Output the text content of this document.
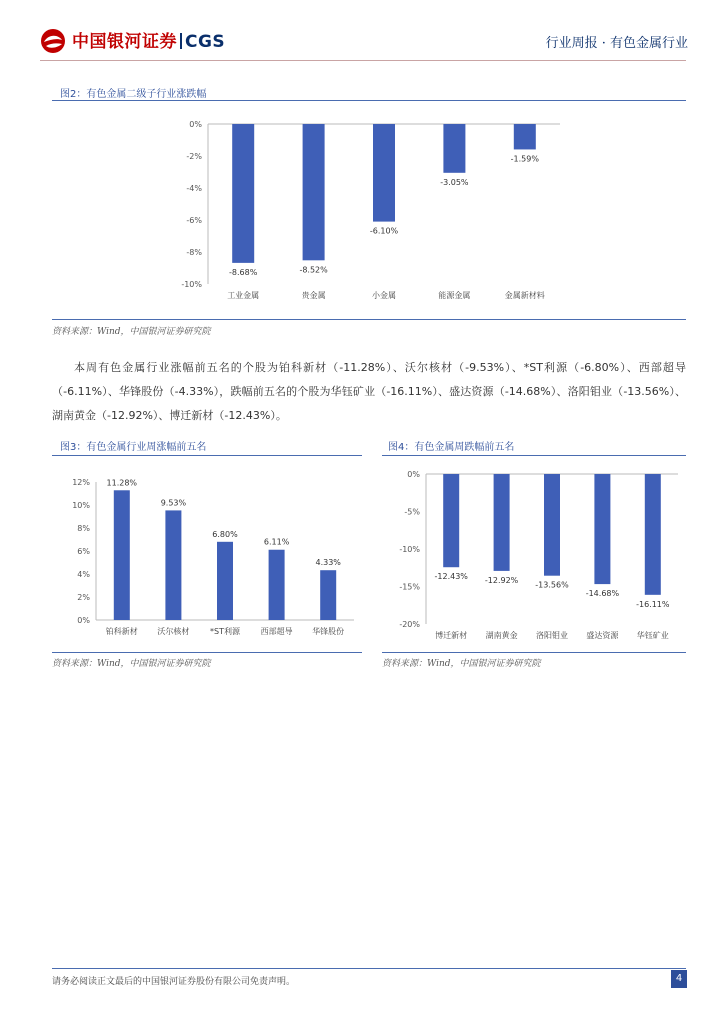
中国银河证券 CGS	行业周报 · 有色金属行业
图2：有色金属二级子行业涨跌幅
0%
-2%
-4%
-6%
-8%
-10%
-8.68%
工业金属
-8.52%
贵金属
-6.10%
小金属
-3.05%
能源金属
-1.59%
金属新材料
资料来源：Wind，中国银河证券研究院
本周有色金属行业涨幅前五名的个股为铂科新材（-11.28%）、沃尔核材（-9.53%）、*ST利源（-6.80%）、西部超导（-6.11%）、华锋股份（-4.33%），跌幅前五名的个股为华钰矿业（-16.11%）、盛达资源（-14.68%）、洛阳钼业（-13.56%）、湖南黄金（-12.92%）、博迁新材（-12.43%）。
图3：有色金属行业周涨幅前五名
12%
10%
8%
6%
4%
2%
0%
11.28%
铂科新材
9.53%
沃尔核材
6.80%
*ST利源
6.11%
西部超导
4.33%
华锋股份
资料来源：Wind，中国银河证券研究院
图4：有色金属周跌幅前五名
0%
-5%
-10%
-15%
-20%
-12.43%
博迁新材
-12.92%
湖南黄金
-13.56%
洛阳钼业
-14.68%
盛达资源
-16.11%
华钰矿业
资料来源：Wind，中国银河证券研究院
请务必阅读正文最后的中国银河证券股份有限公司免责声明。	4
